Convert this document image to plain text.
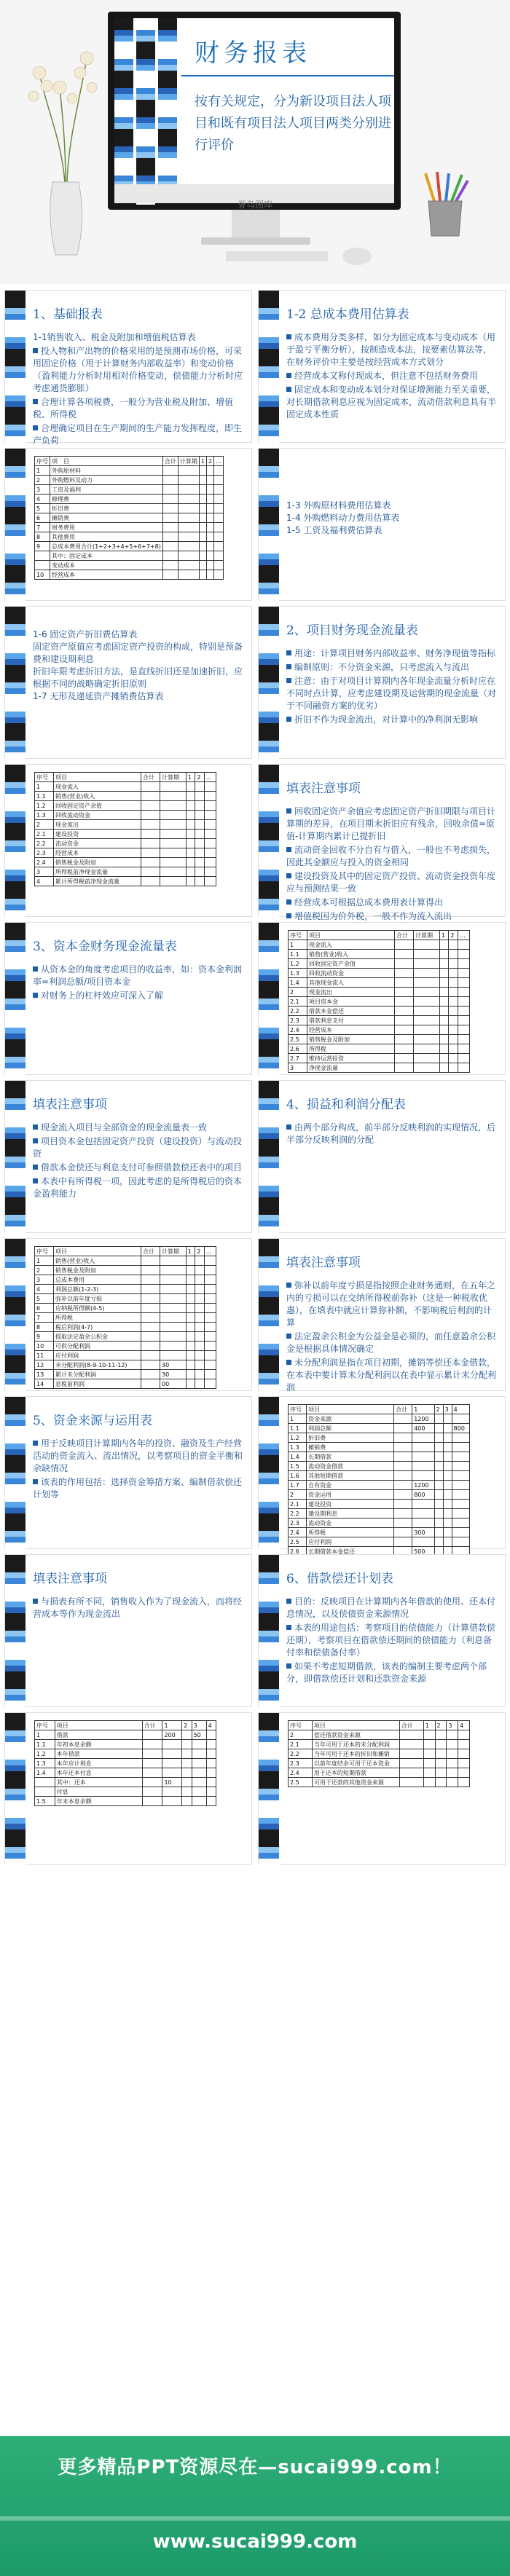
财务报表
按有关规定，分为新设项目法人项目和既有项目法人项目两类分别进行评价
誉鸟图库
1、基础报表

1-1销售收入、税金及附加和增值税估算表

投入物和产出物的价格采用的是预测市场价格，可采用固定价格（用于计算财务内部收益率）和变动价格（盈利能力分析时用相对价格变动，偿债能力分析时应考虑通货膨胀）

合理计算各项税费，一般分为营业税及附加、增值税、所得税

合理确定项目在生产期间的生产能力发挥程度，即生产负荷

1-2 总成本费用估算表

成本费用分类多样，如分为固定成本与变动成本（用于盈亏平衡分析），按制造成本法，按要素估算法等，在财务评价中主要是按经营成本方式划分

经营成本又称付现成本，但注意不包括财务费用

固定成本和变动成本划分对保证增测能力至关重要，对长期借款利息应视为固定成本，流动借款利息具有半固定成本性质

序号	项　目	合计	计算期	1	2	…
1	外购原材料					
2	外购燃料及动力					
3	工资及福利					
4	修理费					
5	折旧费					
6	摊销费					
7	财务费用					
8	其他费用					
9	总成本费用合计(1+2+3+4+5+6+7+8)					
	其中：固定成本					
	变动成本					
10	经营成本					

1-3 外购原材料费用估算表

1-4 外购燃料动力费用估算表

1-5 工资及福利费估算表

1-6 固定资产折旧费估算表

固定资产原值应考虑固定资产投资的构成，特别是预备费和建设期利息

折旧年限考虑折旧方法，是直线折旧还是加速折旧，应根据不同的战略确定折旧原则

1-7 无形及递延资产摊销费估算表

2、项目财务现金流量表

用途：计算项目财务内部收益率、财务净现值等指标

编制原则：不分资金来源，只考虑流入与流出

注意：由于对项目计算期内各年现金流量分析时应在不同时点计算，应考虑建设期及运营期的现金流量（对于不同融资方案的优劣）

折旧不作为现金流出，对计算中的净利润无影响

序号	项目	合计	计算期	1	2	…
1	现金流入					
1.1	销售(营业)收入					
1.2	回收固定资产余值					
1.3	回收流动资金					
2	现金流出					
2.1	建设投资					
2.2	流动资金					
2.3	经营成本					
2.4	销售税金及附加					
3	所得税前净现金流量					
4	累计所得税前净现金流量					
填表注意事项

回收固定资产余值应考虑固定资产折旧期限与项目计算期的差异，在项目期末折旧应有残余，回收余值=原值-计算期内累计已提折旧

流动资金回收不分自有与借入，一般也不考虑损失，因此其金额应与投入的资金相同

建设投资及其中的固定资产投资、流动资金投资年度应与预测结果一致

经营成本可根据总成本费用表计算得出

增值税因为价外税，一般不作为流入流出

3、资本金财务现金流量表

从资本金的角度考虑项目的收益率，如：资本金利润率=利润总额/项目资本金

对财务上的杠杆效应可深入了解

序号	项目	合计	计算期	1	2	…
1	现金流入					
1.1	销售(营业)收入					
1.2	回收固定资产余值					
1.3	回收流动资金					
1.4	其他现金流入					
2	现金流出					
2.1	项目资本金					
2.2	借款本金偿还					
2.3	借款利息支付					
2.4	经营成本					
2.5	销售税金及附加					
2.6	所得税					
2.7	维持运营投资					
3	净现金流量					
填表注意事项

现金流入项目与全部资金的现金流量表一致

项目资本金包括固定资产投资（建设投资）与流动投资

借款本金偿还与利息支付可参照借款偿还表中的项目

本表中有所得税一项，因此考虑的是所得税后的资本金盈利能力

4、损益和利润分配表

由两个部分构成，前半部分反映利润的实现情况，后半部分反映利润的分配

序号	项目	合计	计算期	1	2	…
1	销售(营业)收入					
2	销售税金及附加					
3	总成本费用					
4	利润总额(1-2-3)					
5	弥补以前年度亏损					
6	应纳税所得额(4-5)					
7	所得税					
8	税后利润(4-7)					
9	提取法定盈余公积金					
10	可供分配利润					
11	应付利润					
12	未分配利润(8-9-10-11-12)		30			
13	累计未分配利润		30			
14	息税前利润		00			
填表注意事项

弥补以前年度亏损是指按照企业财务通则，在五年之内的亏损可以在交纳所得税前弥补（这是一种税收优惠），在填表中就应计算弥补额，不影响税后利润的计算

法定盈余公积金为公益金是必须的，而任意盈余公积金是根据具体情况确定

未分配利润是指在项目初期，摊销等偿还本金借款，在本表中要计算未分配利润以在表中显示累计未分配利润

5、资金来源与运用表

用于反映项目计算期内各年的投资、融资及生产经营活动的资金流入、流出情况，以考察项目的资金平衡和余缺情况

该表的作用包括：选择资金筹措方案、编制借款偿还计划等

序号	项目	合计	1	2	3	4
1	资金来源		1200			
1.1	利润总额		400			800
1.2	折旧费					
1.3	摊销费					
1.4	长期借款					
1.5	流动资金借款					
1.6	其他短期借款					
1.7	自有资金		1200			
2	资金运用		800			
2.1	建设投资					
2.2	建设期利息					
2.3	流动资金					
2.4	所得税		300			
2.5	应付利润					
2.6	长期借款本金偿还		500			

填表注意事项

与损表有所不同，销售收入作为了现金流入，而将经营成本等作为现金流出

6、借款偿还计划表

目的：反映项目在计算期内各年借款的使用、还本付息情况，以及偿债资金来源情况

本表的用途包括：考察项目的偿债能力（计算借款偿还期），考察项目在借款偿还期间的偿债能力（利息备付率和偿债备付率）

如果不考虑短期借款，该表的编制主要考虑两个部分，即借款偿还计划和还款资金来源

序号	项目	合计	1	2	3	4
1	借款		200		50	
1.1	年初本息余额					
1.2	本年借款					
1.3	本年应计利息					
1.4	本年还本付息					
	其中：还本		10			
	付息					
1.5	年末本息余额					
序号	项目	合计	1	2	3	4
2	偿还借款资金来源					
2.1	当年可用于还本的未分配利润					
2.2	当年可用于还本的折旧和摊销					
2.3	以前年度结余可用于还本资金					
2.4	用于还本的短期借款					
2.5	可用于还款的其他资金来源					
更多精品PPT资源尽在—sucai999.com！
www.sucai999.com
